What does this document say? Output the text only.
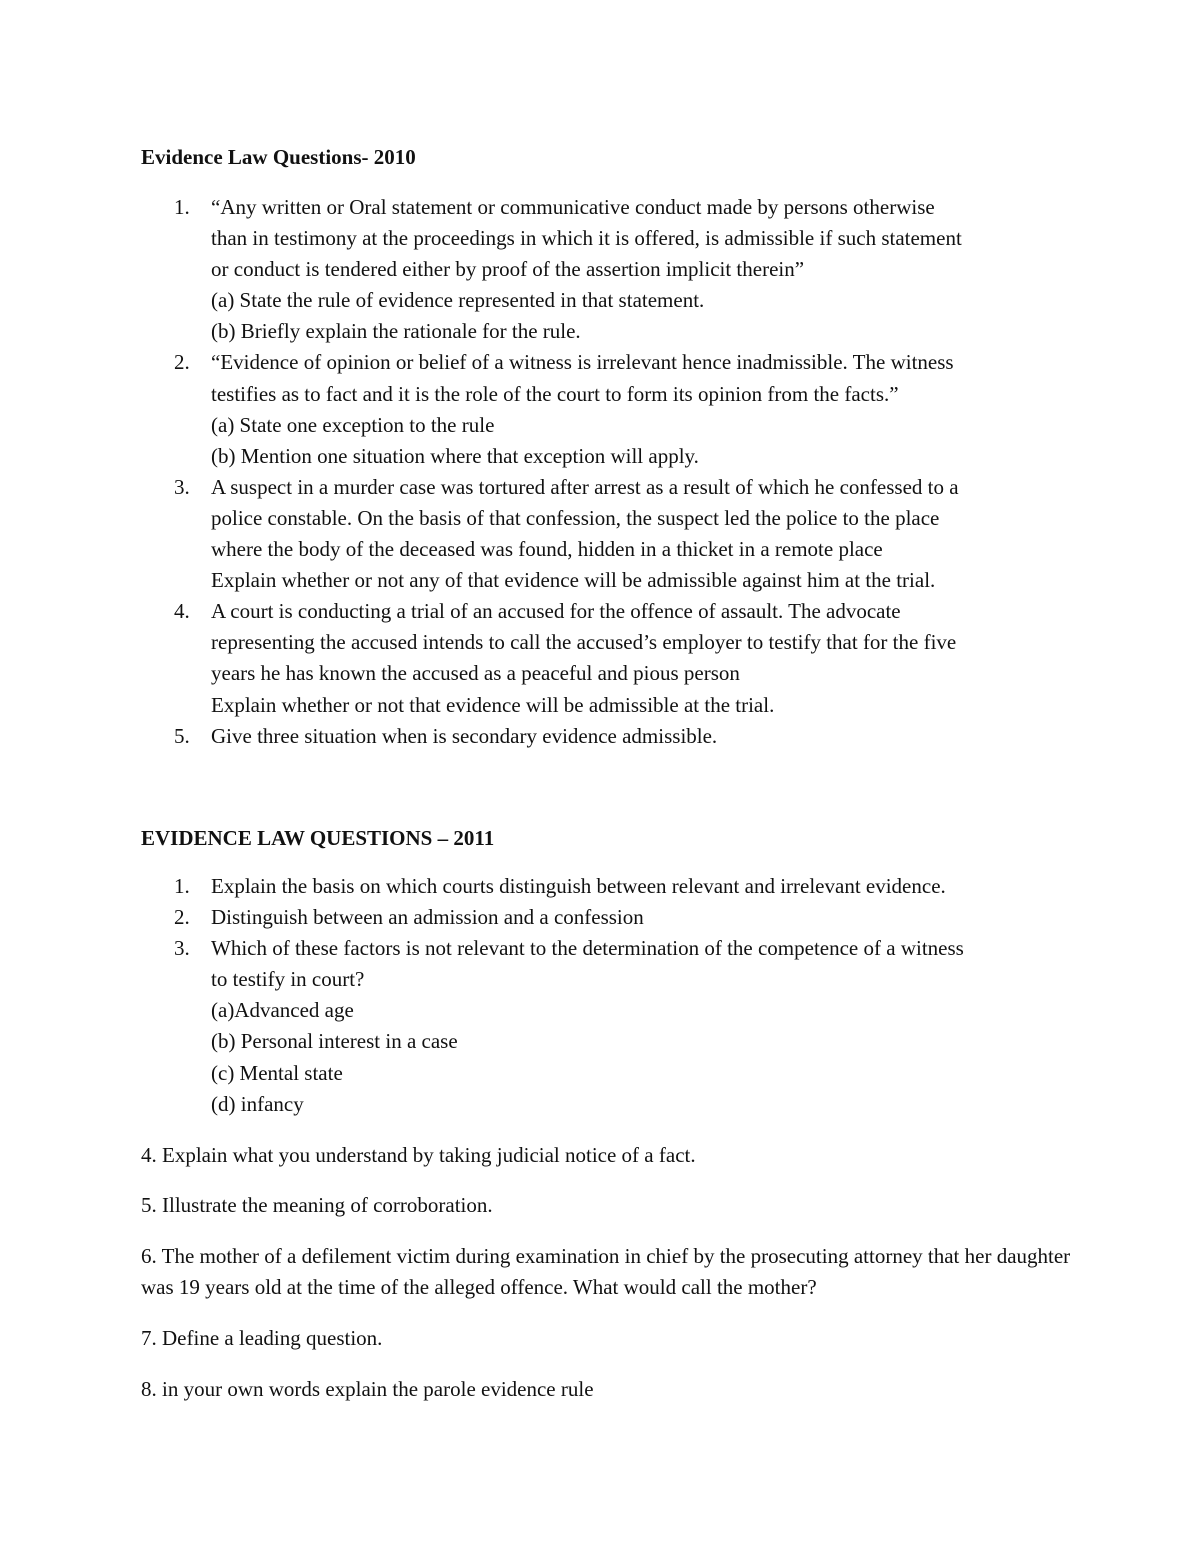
Evidence Law Questions- 2010
1. “Any written or Oral statement or communicative conduct made by persons otherwise
than in testimony at the proceedings in which it is offered, is admissible if such statement
or conduct is tendered either by proof of the assertion implicit therein”
(a) State the rule of evidence represented in that statement.
(b) Briefly explain the rationale for the rule.
2. “Evidence of opinion or belief of a witness is irrelevant hence inadmissible. The witness
testifies as to fact and it is the role of the court to form its opinion from the facts.”
(a) State one exception to the rule
(b) Mention one situation where that exception will apply.
3. A suspect in a murder case was tortured after arrest as a result of which he confessed to a
police constable. On the basis of that confession, the suspect led the police to the place
where the body of the deceased was found, hidden in a thicket in a remote place
Explain whether or not any of that evidence will be admissible against him at the trial.
4. A court is conducting a trial of an accused for the offence of assault. The advocate
representing the accused intends to call the accused’s employer to testify that for the five
years he has known the accused as a peaceful and pious person
Explain whether or not that evidence will be admissible at the trial.
5. Give three situation when is secondary evidence admissible.
EVIDENCE LAW QUESTIONS – 2011
1. Explain the basis on which courts distinguish between relevant and irrelevant evidence.
2. Distinguish between an admission and a confession
3. Which of these factors is not relevant to the determination of the competence of a witness
to testify in court?
(a)Advanced age
(b) Personal interest in a case
(c) Mental state
(d) infancy

4. Explain what you understand by taking judicial notice of a fact.

5. Illustrate the meaning of corroboration.

6. The mother of a defilement victim during examination in chief by the prosecuting attorney that her daughter was 19 years old at the time of the alleged offence. What would call the mother?

7. Define a leading question.

8. in your own words explain the parole evidence rule
